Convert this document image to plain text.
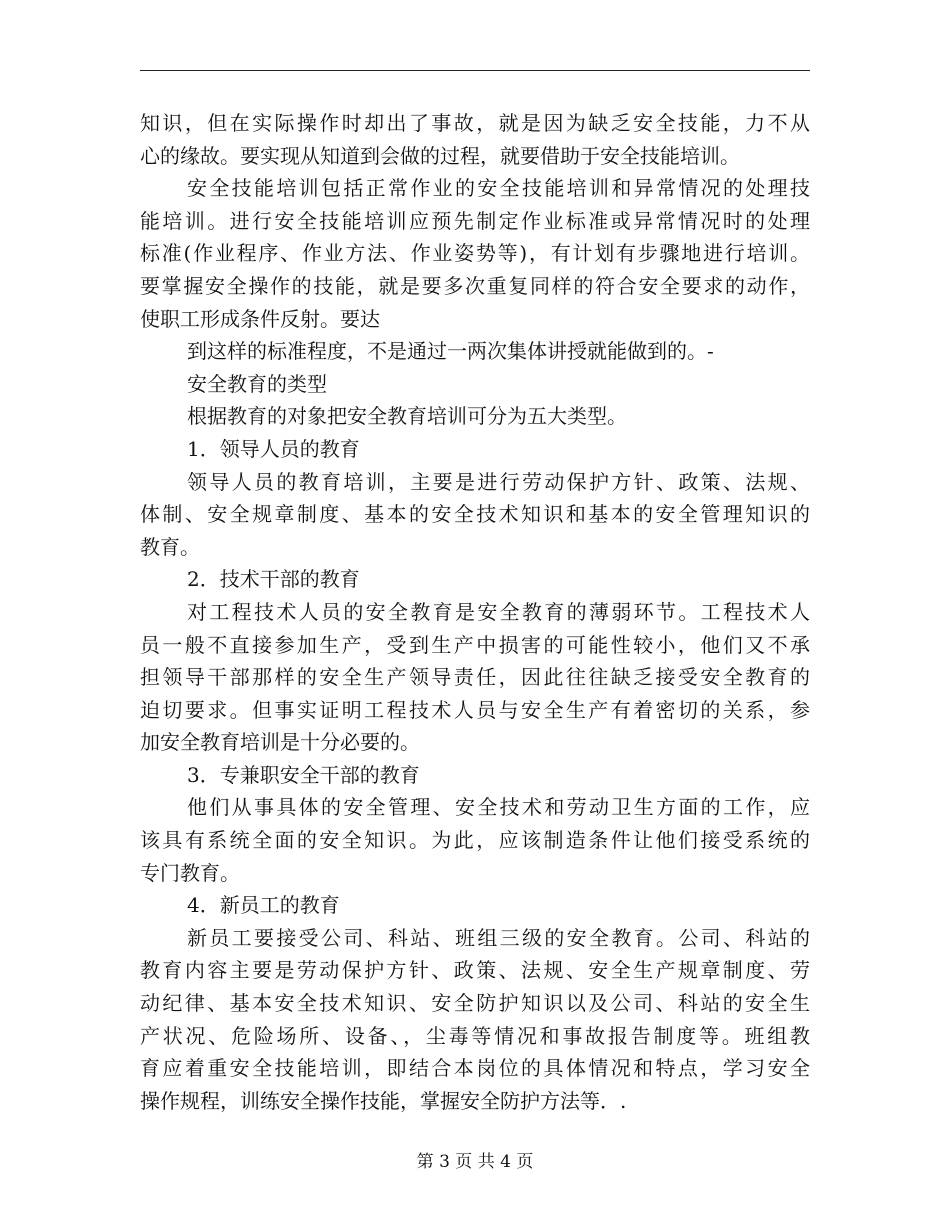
知识，但在实际操作时却出了事故，就是因为缺乏安全技能，力不从
心的缘故。要实现从知道到会做的过程，就要借助于安全技能培训。
安全技能培训包括正常作业的安全技能培训和异常情况的处理技
能培训。进行安全技能培训应预先制定作业标准或异常情况时的处理
标准(作业程序、作业方法、作业姿势等)，有计划有步骤地进行培训。
要掌握安全操作的技能，就是要多次重复同样的符合安全要求的动作，
使职工形成条件反射。要达
到这样的标准程度，不是通过一两次集体讲授就能做到的。-
安全教育的类型
根据教育的对象把安全教育培训可分为五大类型。
1．领导人员的教育
领导人员的教育培训，主要是进行劳动保护方针、政策、法规、
体制、安全规章制度、基本的安全技术知识和基本的安全管理知识的
教育。
2．技术干部的教育
对工程技术人员的安全教育是安全教育的薄弱环节。工程技术人
员一般不直接参加生产，受到生产中损害的可能性较小，他们又不承
担领导干部那样的安全生产领导责任，因此往往缺乏接受安全教育的
迫切要求。但事实证明工程技术人员与安全生产有着密切的关系，参
加安全教育培训是十分必要的。
3．专兼职安全干部的教育
他们从事具体的安全管理、安全技术和劳动卫生方面的工作，应
该具有系统全面的安全知识。为此，应该制造条件让他们接受系统的
专门教育。
4．新员工的教育
新员工要接受公司、科站、班组三级的安全教育。公司、科站的
教育内容主要是劳动保护方针、政策、法规、安全生产规章制度、劳
动纪律、基本安全技术知识、安全防护知识以及公司、科站的安全生
产状况、危险场所、设备、，尘毒等情况和事故报告制度等。班组教
育应着重安全技能培训，即结合本岗位的具体情况和特点，学习安全
操作规程，训练安全操作技能，掌握安全防护方法等．.
第 3 页 共 4 页
